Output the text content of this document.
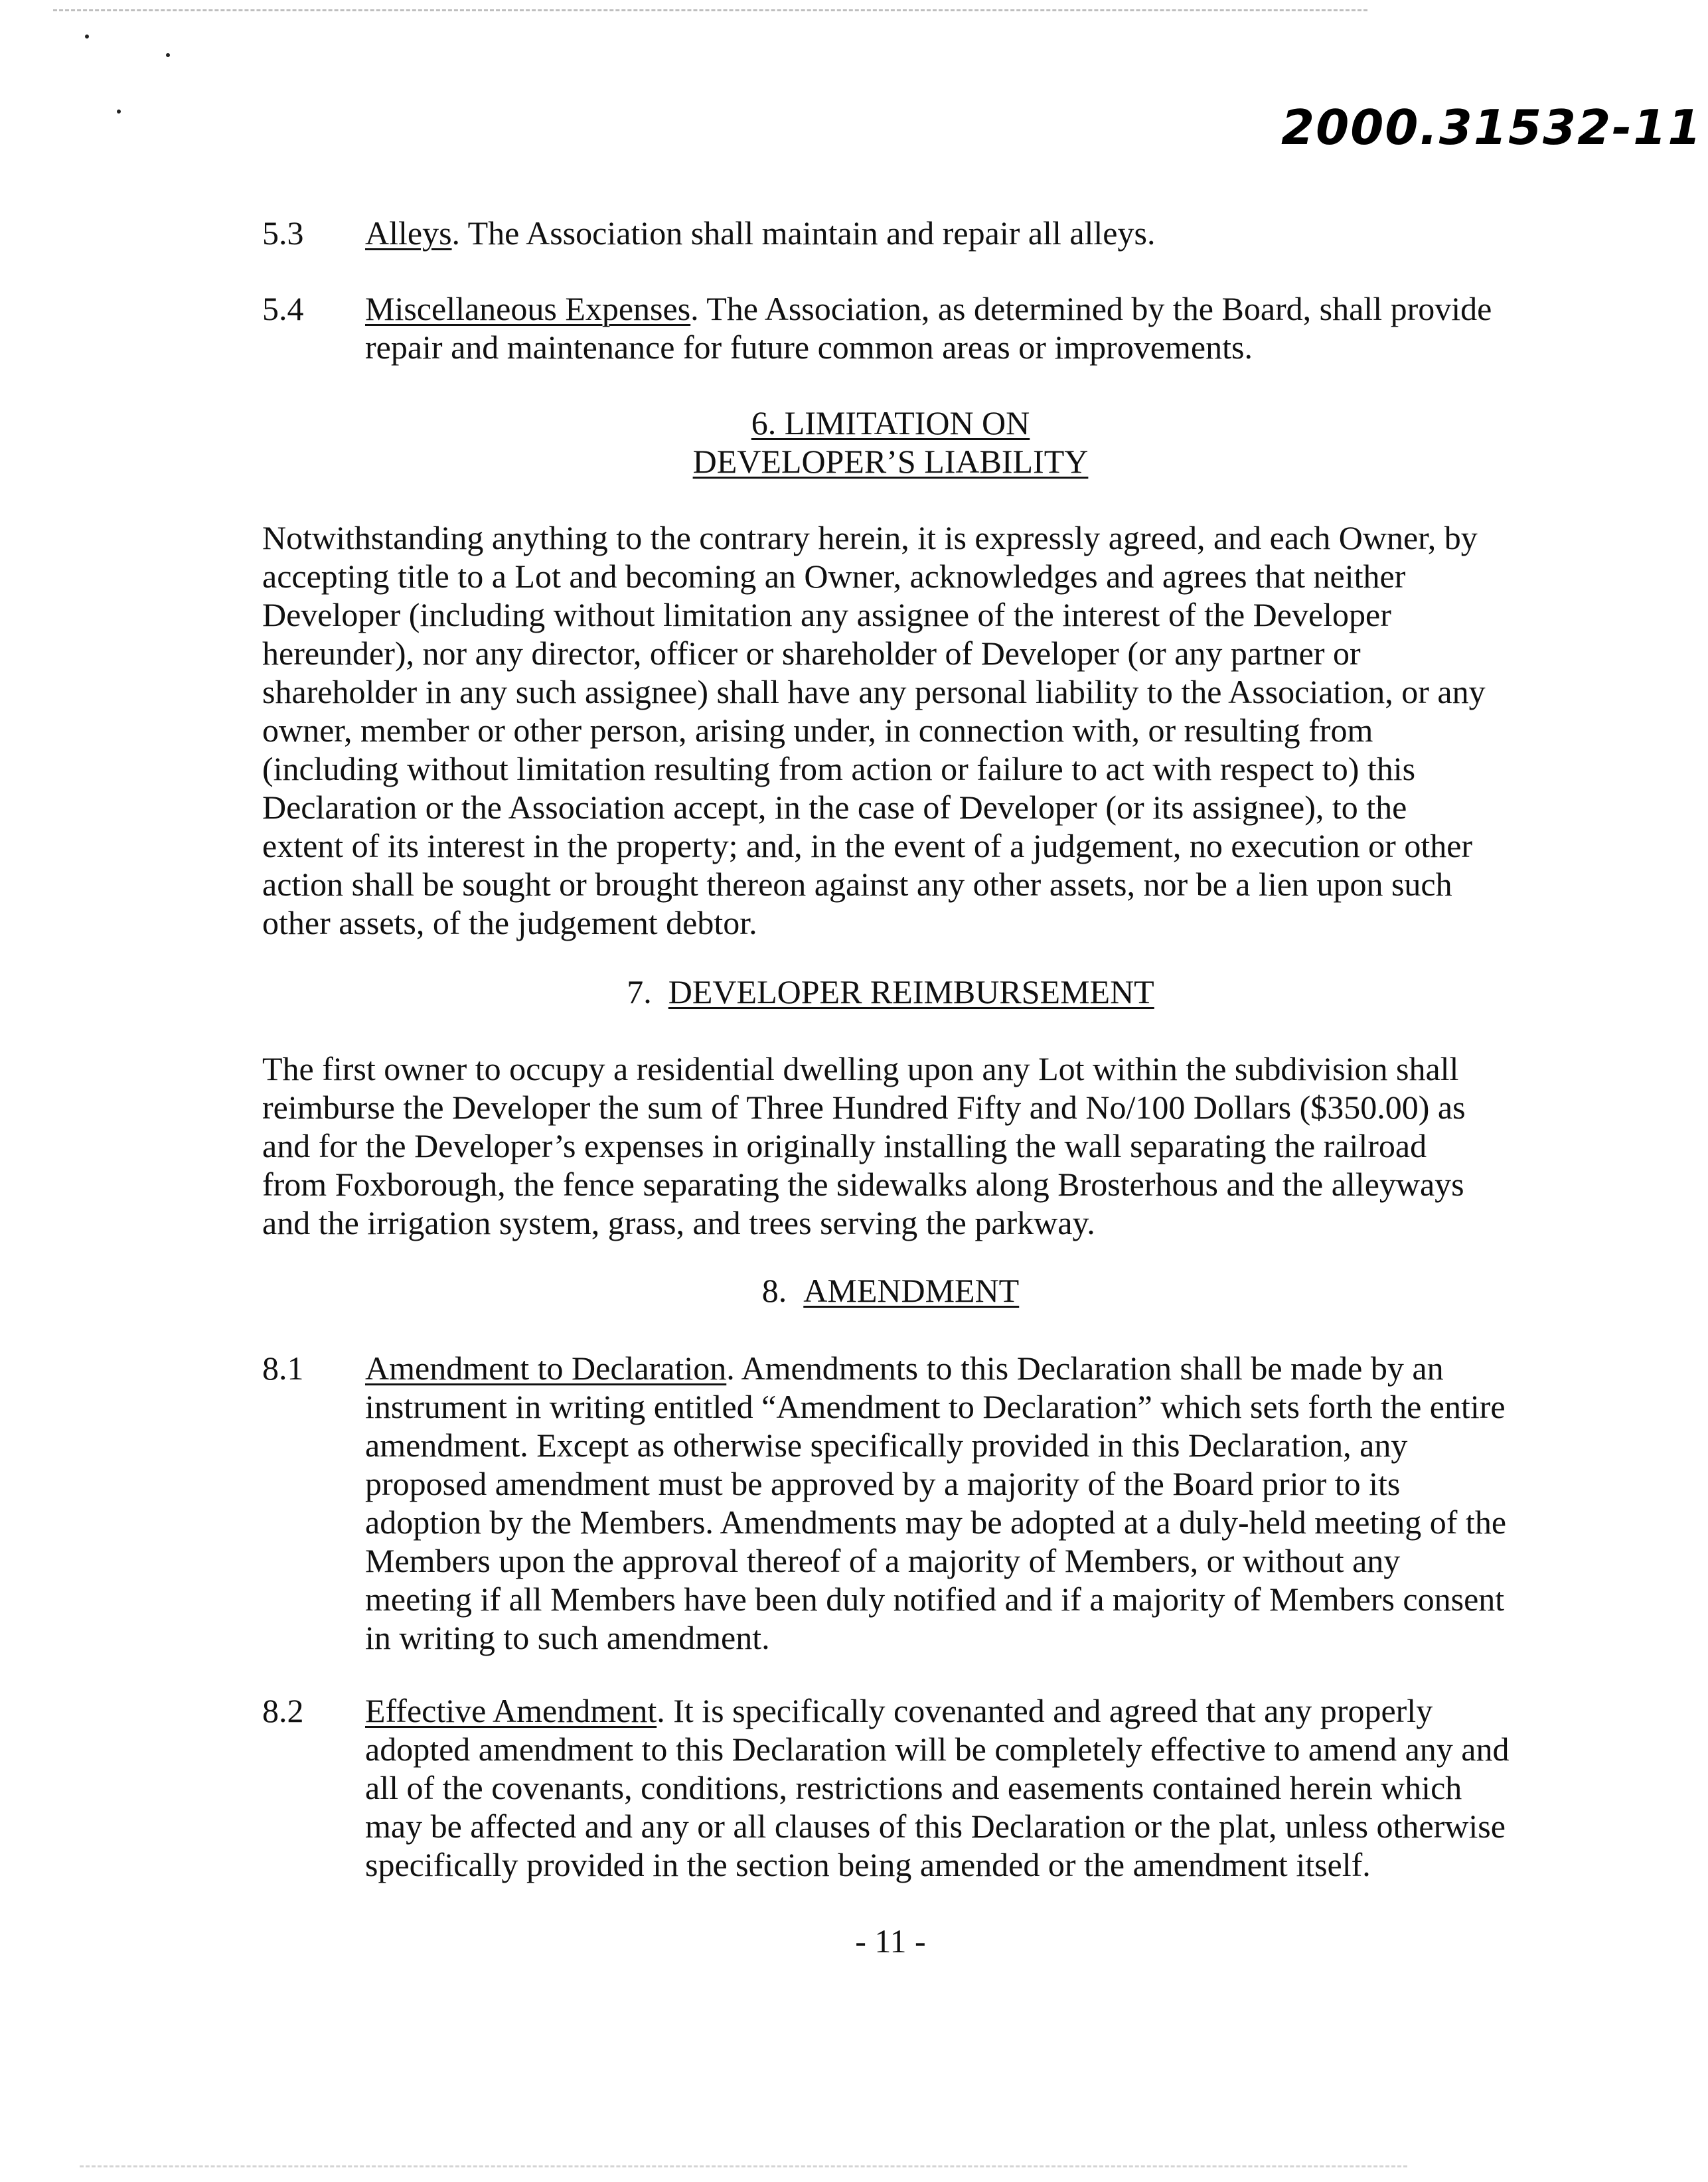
2000.31532-11
5.3	Alleys. The Association shall maintain and repair all alleys.
5.4	Miscellaneous Expenses. The Association, as determined by the Board, shall provide repair and maintenance for future common areas or improvements.
6. LIMITATION ON
DEVELOPER’S LIABILITY
Notwithstanding anything to the contrary herein, it is expressly agreed, and each Owner, by accepting title to a Lot and becoming an Owner, acknowledges and agrees that neither Developer (including without limitation any assignee of the interest of the Developer hereunder), nor any director, officer or shareholder of Developer (or any partner or shareholder in any such assignee) shall have any personal liability to the Association, or any owner, member or other person, arising under, in connection with, or resulting from (including without limitation resulting from action or failure to act with respect to) this Declaration or the Association accept, in the case of Developer (or its assignee), to the extent of its interest in the property; and, in the event of a judgement, no execution or other action shall be sought or brought thereon against any other assets, nor be a lien upon such other assets, of the judgement debtor.
7. DEVELOPER REIMBURSEMENT
The first owner to occupy a residential dwelling upon any Lot within the subdivision shall reimburse the Developer the sum of Three Hundred Fifty and No/100 Dollars ($350.00) as and for the Developer’s expenses in originally installing the wall separating the railroad from Foxborough, the fence separating the sidewalks along Brosterhous and the alleyways and the irrigation system, grass, and trees serving the parkway.
8. AMENDMENT
8.1	Amendment to Declaration. Amendments to this Declaration shall be made by an instrument in writing entitled “Amendment to Declaration” which sets forth the entire amendment. Except as otherwise specifically provided in this Declaration, any proposed amendment must be approved by a majority of the Board prior to its adoption by the Members. Amendments may be adopted at a duly-held meeting of the Members upon the approval thereof of a majority of Members, or without any meeting if all Members have been duly notified and if a majority of Members consent in writing to such amendment.
8.2	Effective Amendment. It is specifically covenanted and agreed that any properly adopted amendment to this Declaration will be completely effective to amend any and all of the covenants, conditions, restrictions and easements contained herein which may be affected and any or all clauses of this Declaration or the plat, unless otherwise specifically provided in the section being amended or the amendment itself.
- 11 -
